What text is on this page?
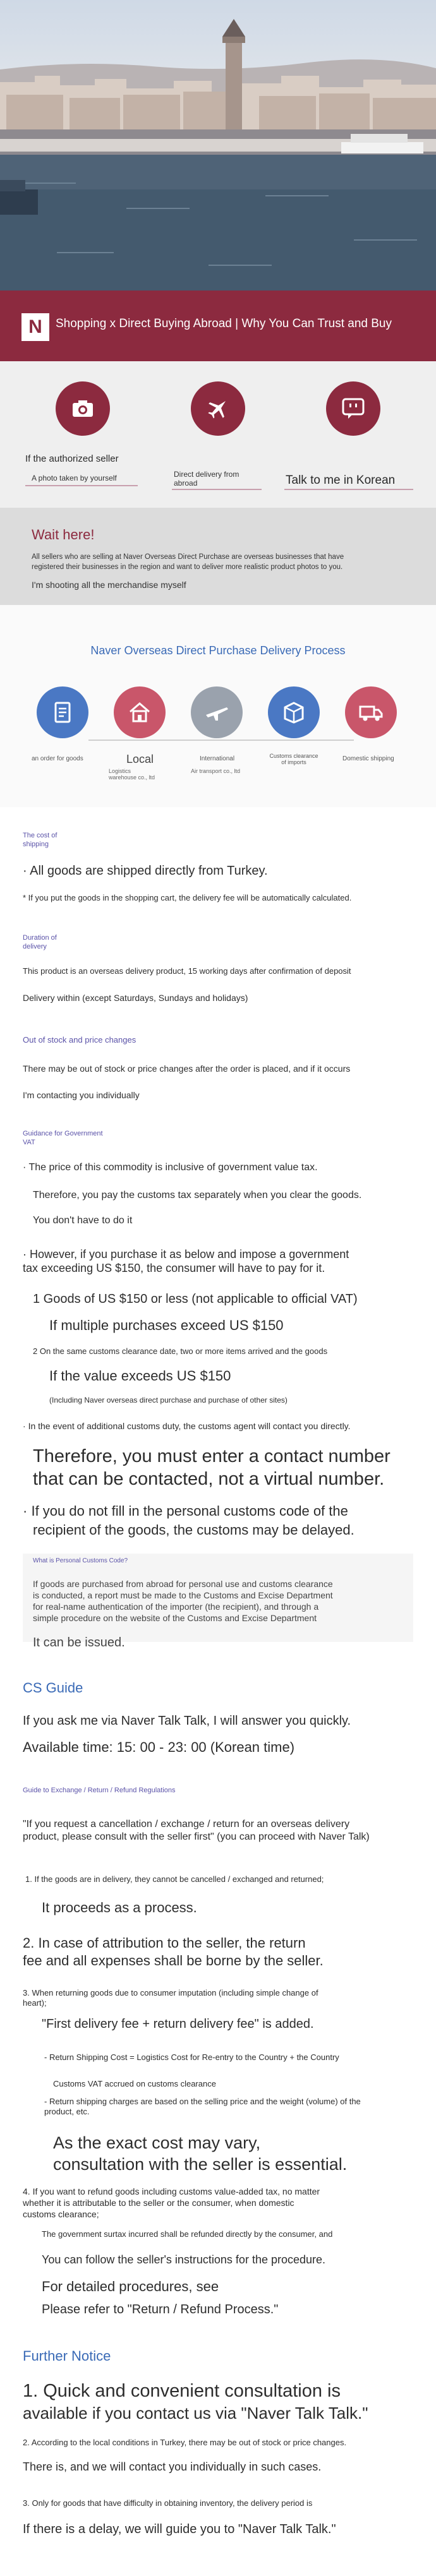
N	Shopping x Direct Buying Abroad | Why You Can Trust and Buy
If the authorized seller
A photo taken by yourself	Direct delivery from abroad	Talk to me in Korean
Wait here!

All sellers who are selling at Naver Overseas Direct Purchase are overseas businesses that have

registered their businesses in the region and want to deliver more realistic product photos to you.

I'm shooting all the merchandise myself

Naver Overseas Direct Purchase Delivery Process
an order for goods	Local
Logistics warehouse co., ltd
International
Air transport co., ltd
Customs clearance of imports	Domestic shipping
The cost of
shipping
· All goods are shipped directly from Turkey.
* If you put the goods in the shopping cart, the delivery fee will be automatically calculated.
Duration of
delivery
This product is an overseas delivery product, 15 working days after confirmation of deposit
Delivery within (except Saturdays, Sundays and holidays)
Out of stock and price changes
There may be out of stock or price changes after the order is placed, and if it occurs
I'm contacting you individually
Guidance for Government
VAT
· The price of this commodity is inclusive of government value tax.
Therefore, you pay the customs tax separately when you clear the goods.
You don't have to do it
· However, if you purchase it as below and impose a government
tax exceeding US $150, the consumer will have to pay for it.
1 Goods of US $150 or less (not applicable to official VAT)
If multiple purchases exceed US $150
2 On the same customs clearance date, two or more items arrived and the goods
If the value exceeds US $150
(Including Naver overseas direct purchase and purchase of other sites)
· In the event of additional customs duty, the customs agent will contact you directly.
Therefore, you must enter a contact number
that can be contacted, not a virtual number.
· If you do not fill in the personal customs code of the
recipient of the goods, the customs may be delayed.
What is Personal Customs Code?
If goods are purchased from abroad for personal use and customs clearance
is conducted, a report must be made to the Customs and Excise Department
for real-name authentication of the importer (the recipient), and through a
simple procedure on the website of the Customs and Excise Department
It can be issued.
CS Guide
If you ask me via Naver Talk Talk, I will answer you quickly.
Available time: 15: 00 - 23: 00 (Korean time)
Guide to Exchange / Return / Refund Regulations
"If you request a cancellation / exchange / return for an overseas delivery
product, please consult with the seller first" (you can proceed with Naver Talk)
1. If the goods are in delivery, they cannot be cancelled / exchanged and returned;
It proceeds as a process.
2. In case of attribution to the seller, the return
fee and all expenses shall be borne by the seller.
3. When returning goods due to consumer imputation (including simple change of
heart);
"First delivery fee + return delivery fee" is added.
- Return Shipping Cost = Logistics Cost for Re-entry to the Country + the Country
Customs VAT accrued on customs clearance
- Return shipping charges are based on the selling price and the weight (volume) of the
product, etc.
As the exact cost may vary,
consultation with the seller is essential.
4. If you want to refund goods including customs value-added tax, no matter
whether it is attributable to the seller or the consumer, when domestic
customs clearance;
The government surtax incurred shall be refunded directly by the consumer, and
You can follow the seller's instructions for the procedure.
For detailed procedures, see
Please refer to "Return / Refund Process."
Further Notice
1. Quick and convenient consultation is
available if you contact us via "Naver Talk Talk."
2. According to the local conditions in Turkey, there may be out of stock or price changes.
There is, and we will contact you individually in such cases.
3. Only for goods that have difficulty in obtaining inventory, the delivery period is
If there is a delay, we will guide you to "Naver Talk Talk."
